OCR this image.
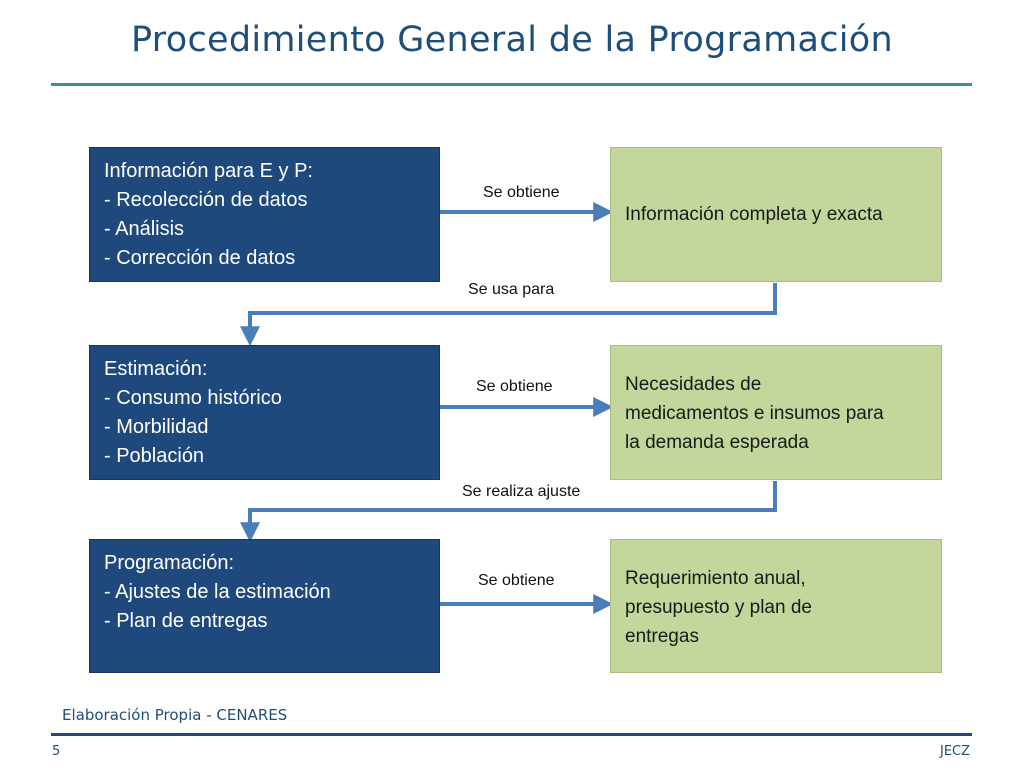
Procedimiento General de la Programación
Información para E y P:
- Recolección de datos
- Análisis
- Corrección de datos
Se obtiene
Información completa y exacta
Se usa para
Estimación:
- Consumo histórico
- Morbilidad
- Población
Se obtiene	Necesidades de
medicamentos e insumos para
la demanda esperada
Se realiza ajuste
Programación:
- Ajustes de la estimación
- Plan de entregas
Se obtiene	Requerimiento anual,
presupuesto y plan de
entregas
Elaboración Propia - CENARES
5	JECZ
